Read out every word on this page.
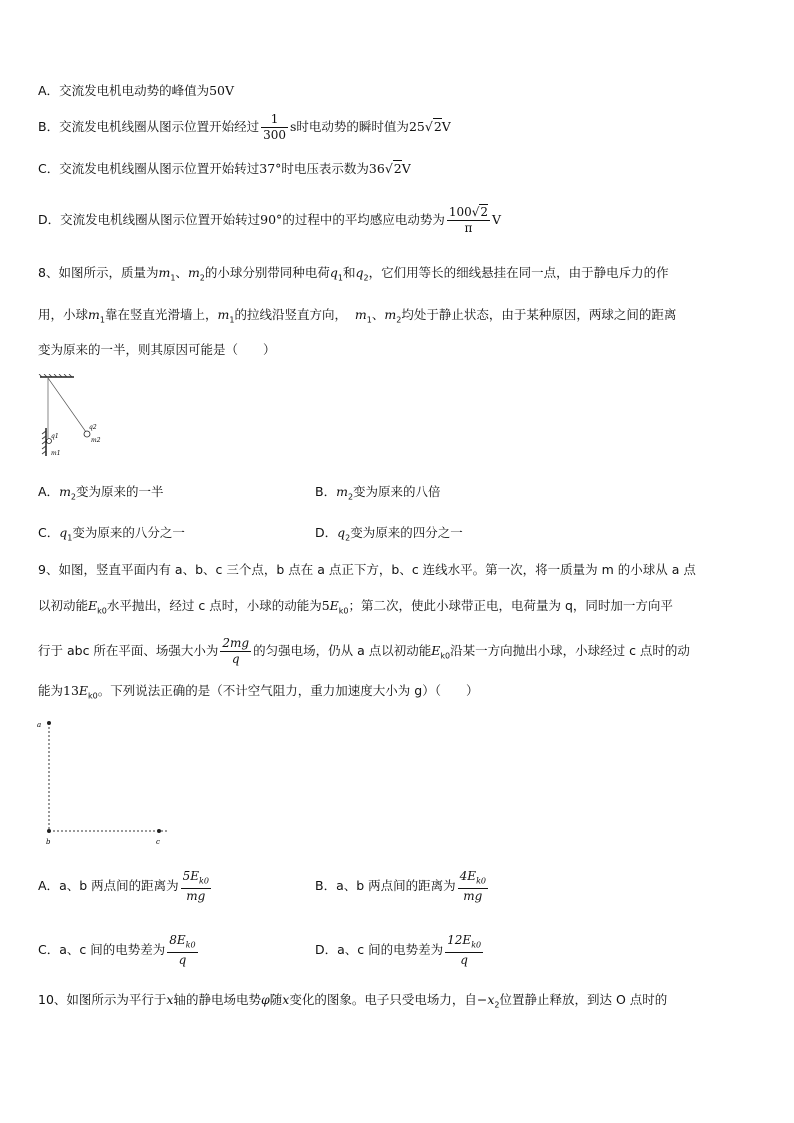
A．交流发电机电动势的峰值为50V
B．交流发电机线圈从图示位置开始经过 $\frac{1}{300}$ s时电动势的瞬时值为25√2V
C．交流发电机线圈从图示位置开始转过37°时电压表示数为36√2V
D．交流发电机线圈从图示位置开始转过90°的过程中的平均感应电动势为 $\frac{100√2}{\pi}$ V
8、如图所示，质量为$m_1$、$m_2$的小球分别带同种电荷$q_1$和$q_2$，它们用等长的细线悬挂在同一点，由于静电斥力的作
用，小球$m_1$靠在竖直光滑墙上，$m_1$的拉线沿竖直方向， $m_1$、$m_2$均处于静止状态，由于某种原因，两球之间的距离
变为原来的一半，则其原因可能是（　　）
q1
m1
q2
m2
A．$m_2$变为原来的一半	B．$m_2$变为原来的八倍
C．$q_1$变为原来的八分之一	D．$q_2$变为原来的四分之一
9、如图，竖直平面内有 a、b、c 三个点，b 点在 a 点正下方，b、c 连线水平。第一次，将一质量为 m 的小球从 a 点
以初动能$E_{k0}$水平抛出，经过 c 点时，小球的动能为$5E_{k0}$；第二次，使此小球带正电，电荷量为 q，同时加一方向平
行于 abc 所在平面、场强大小为 $\frac{2mg}{q}$ 的匀强电场，仍从 a 点以初动能$E_{k0}$沿某一方向抛出小球，小球经过 c 点时的动
能为$13E_{k0}$。下列说法正确的是（不计空气阻力，重力加速度大小为 g）（　　）
a
b	c
A．a、b 两点间的距离为 $\frac{5E_{k0}}{mg}$	B．a、b 两点间的距离为 $\frac{4E_{k0}}{mg}$
C．a、c 间的电势差为 $\frac{8E_{k0}}{q}$	D．a、c 间的电势差为 $\frac{12E_{k0}}{q}$
10、如图所示为平行于x轴的静电场电势φ随x变化的图象。电子只受电场力，自$-x_2$位置静止释放，到达 O 点时的
